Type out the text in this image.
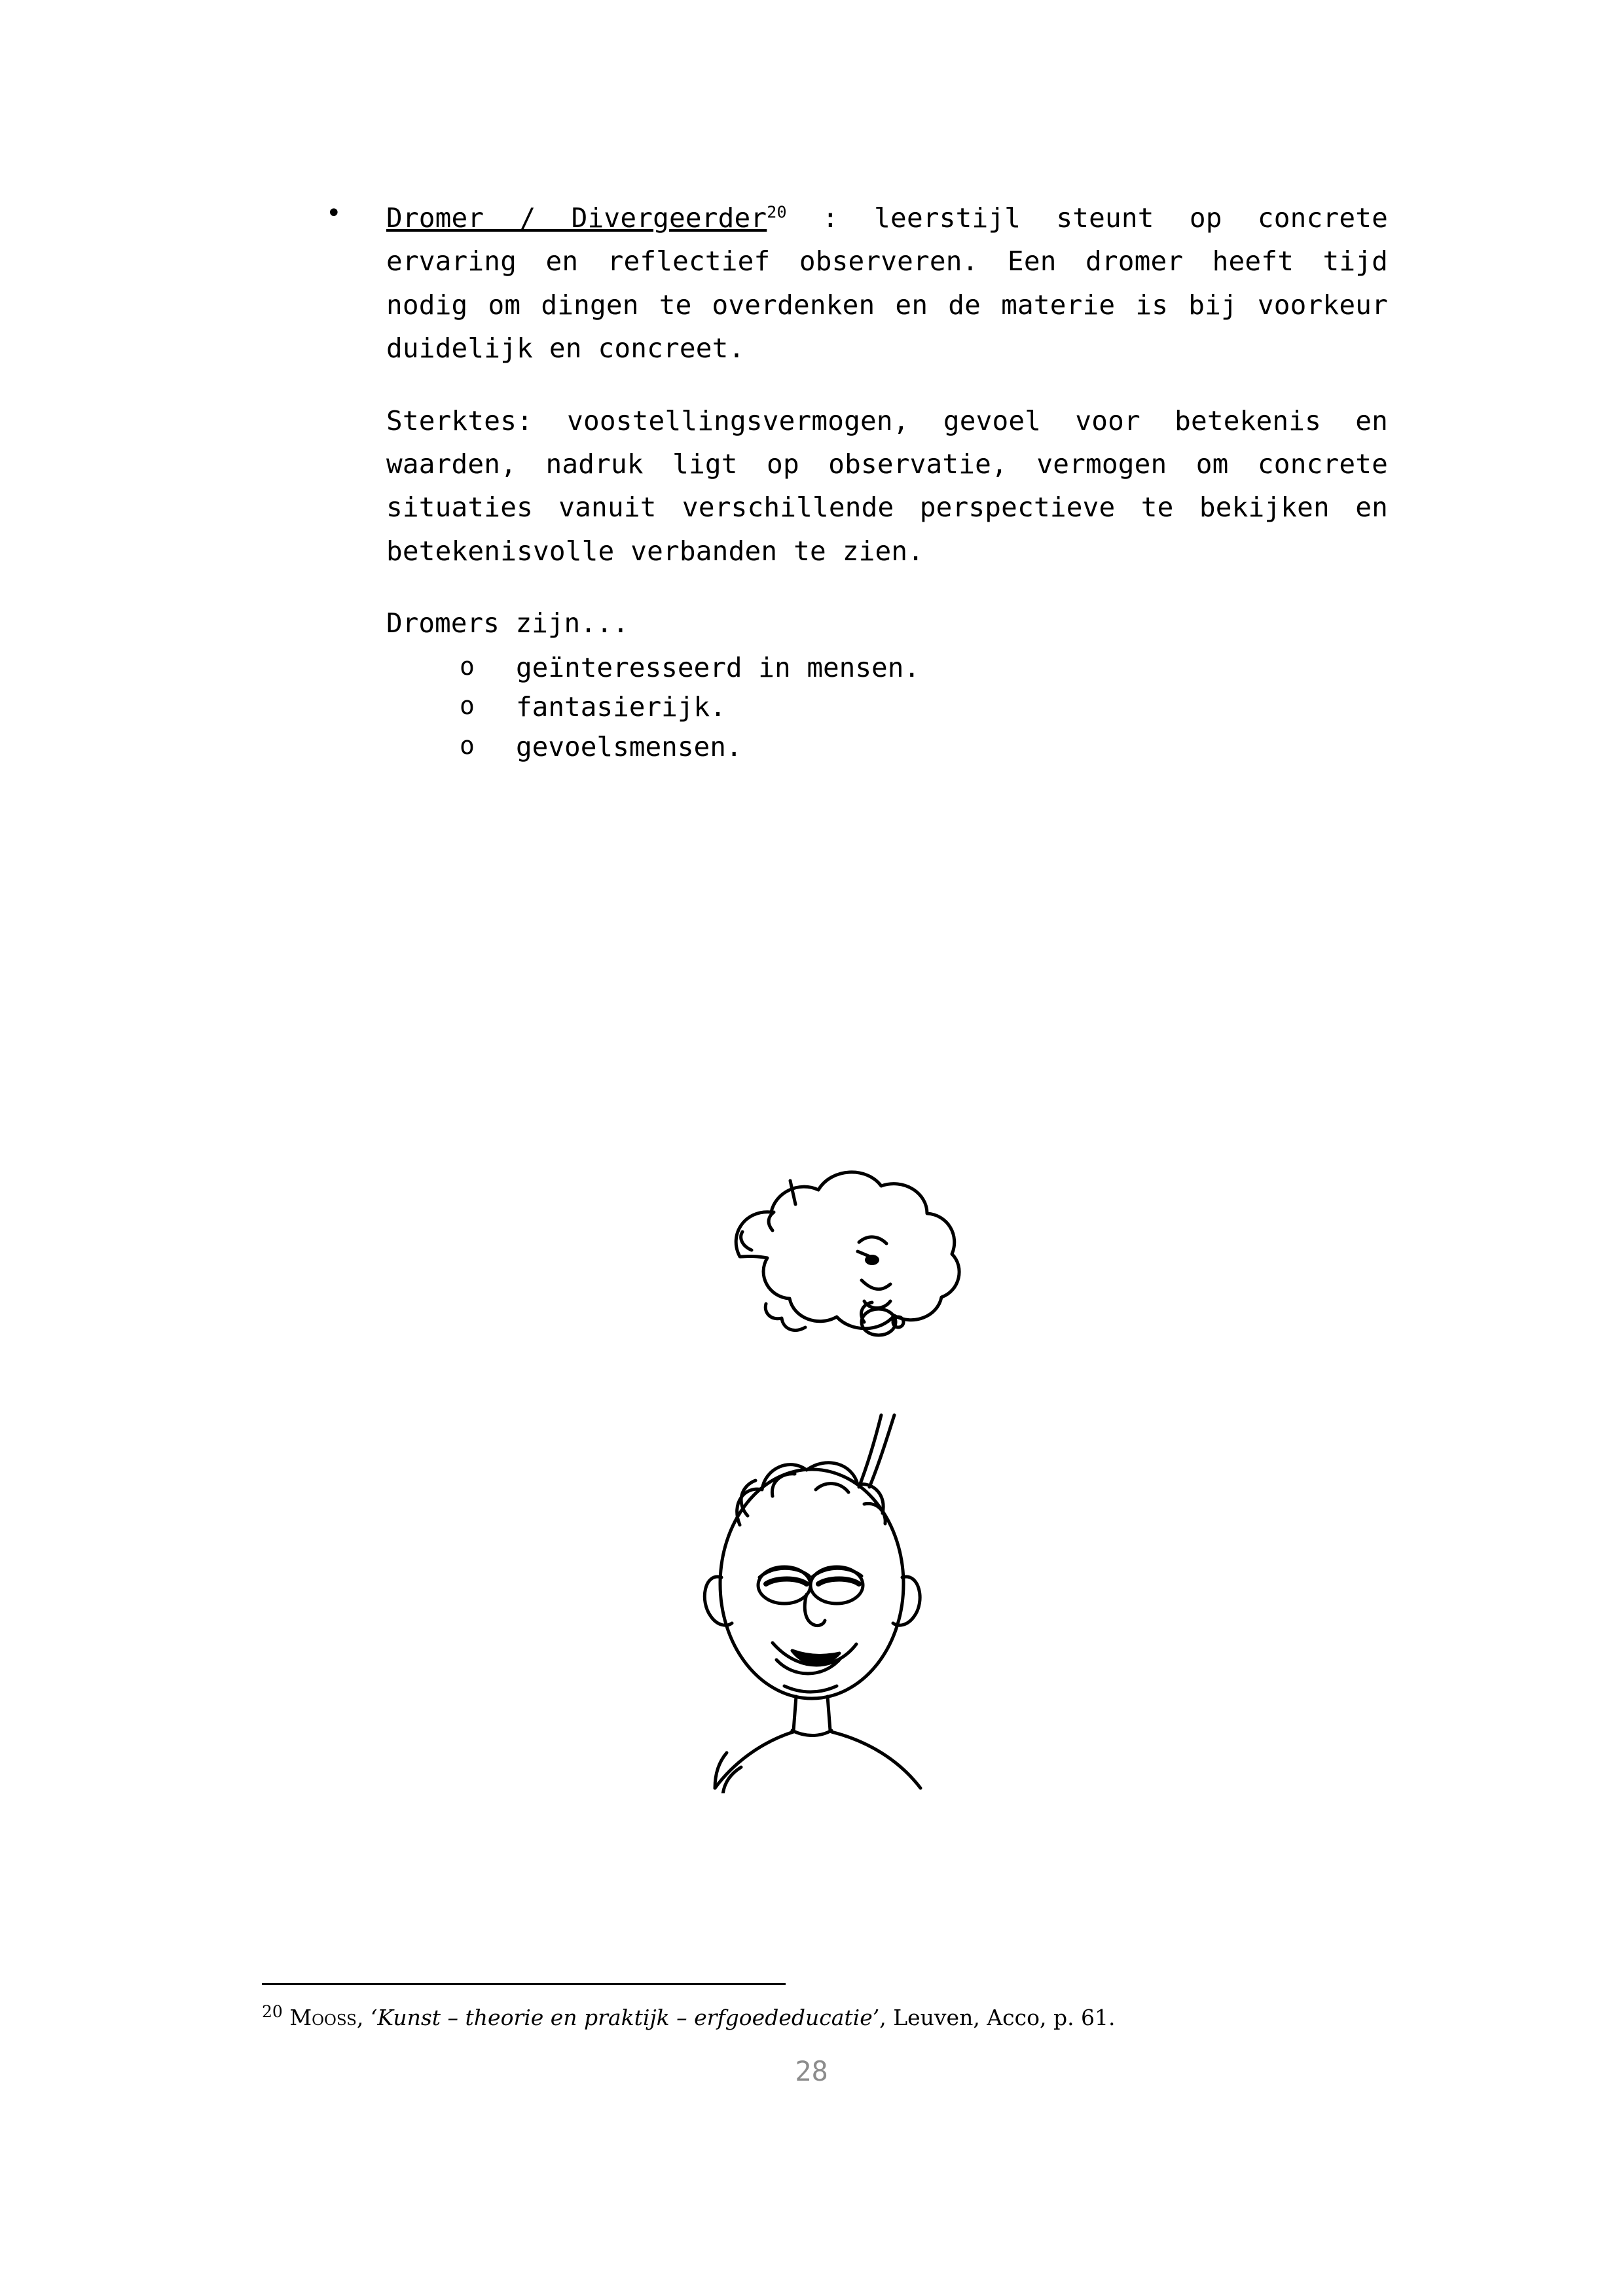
• Dromer / Divergeerder$^{20}$ : leerstijl steunt op concrete ervaring en reflectief observeren. Een dromer heeft tijd nodig om dingen te overdenken en de materie is bij voorkeur duidelijk en concreet.

Sterktes: voostellingsvermogen, gevoel voor betekenis en waarden, nadruk ligt op observatie, vermogen om concrete situaties vanuit verschillende perspectieve te bekijken en betekenisvolle verbanden te zien.

Dromers zijn...

o geïnteresseerd in mensen.
o fantasierijk.
o gevoelsmensen.
$^{20}$ Mooss, ‘Kunst – theorie en praktijk – erfgoededucatie’, Leuven, Acco, p. 61.
28
